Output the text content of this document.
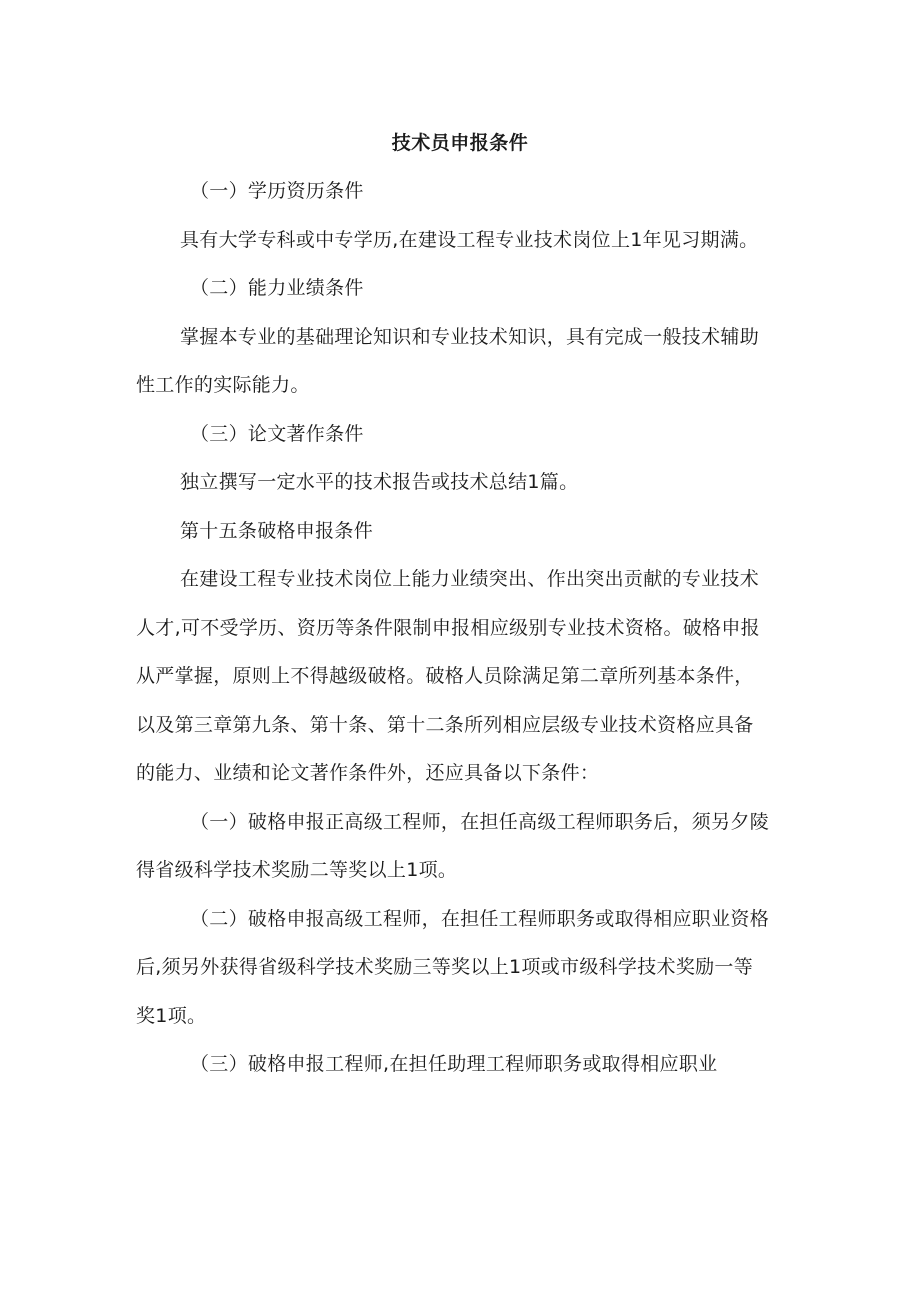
技术员申报条件
（一）学历资历条件
具有大学专科或中专学历,在建设工程专业技术岗位上1年见习期满。
（二）能力业绩条件
掌握本专业的基础理论知识和专业技术知识，具有完成一般技术辅助
性工作的实际能力。
（三）论文著作条件
独立撰写一定水平的技术报告或技术总结1篇。
第十五条破格申报条件
在建设工程专业技术岗位上能力业绩突出、作出突出贡献的专业技术
人才,可不受学历、资历等条件限制申报相应级别专业技术资格。破格申报
从严掌握，原则上不得越级破格。破格人员除满足第二章所列基本条件，
以及第三章第九条、第十条、第十二条所列相应层级专业技术资格应具备
的能力、业绩和论文著作条件外，还应具备以下条件：
（一）破格申报正高级工程师，在担任高级工程师职务后，须另夕陵
得省级科学技术奖励二等奖以上1项。
（二）破格申报高级工程师，在担任工程师职务或取得相应职业资格
后,须另外获得省级科学技术奖励三等奖以上1项或市级科学技术奖励一等
奖1项。
（三）破格申报工程师,在担任助理工程师职务或取得相应职业
